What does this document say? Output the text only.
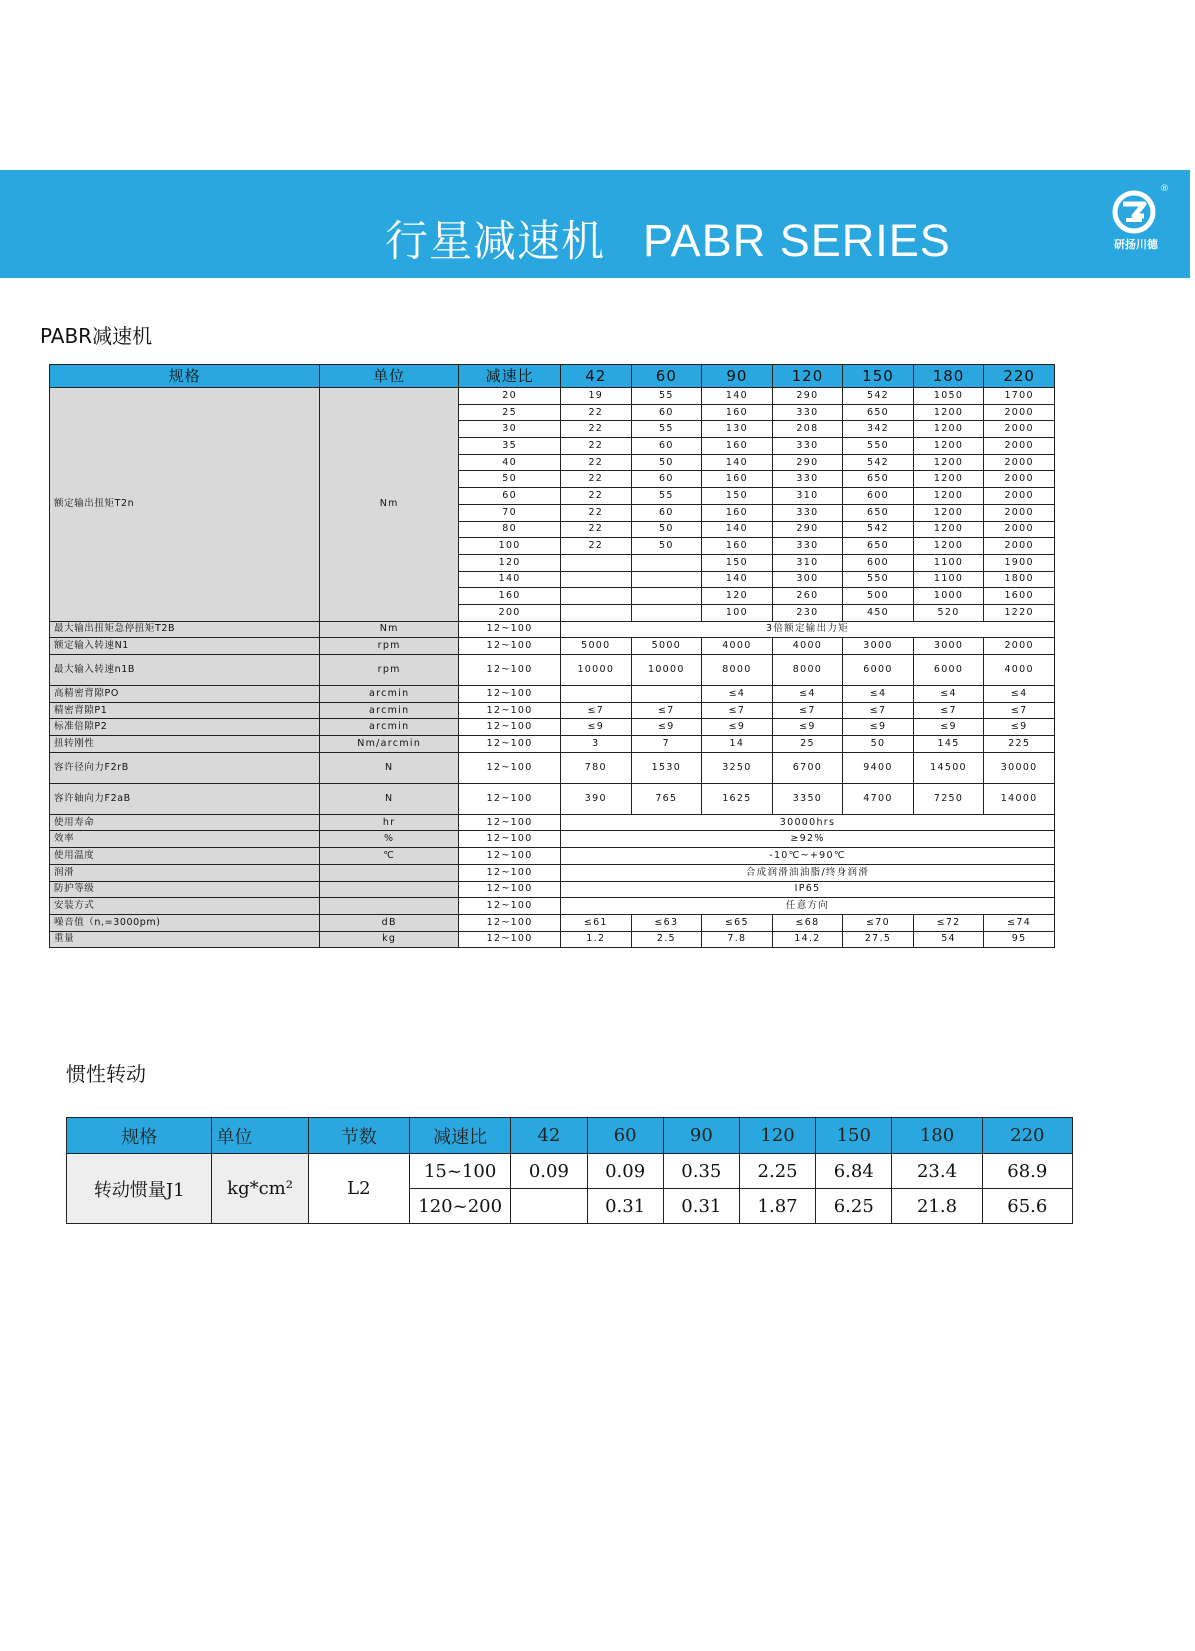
行星减速机 PABR SERIES
®
研扬川德
PABR减速机
规格	单位	减速比	42	60	90	120	150	180	220
额定输出扭矩T2n	Nm	20	19	55	140	290	542	1050	1700
		25	22	60	160	330	650	1200	2000
		30	22	55	130	208	342	1200	2000
		35	22	60	160	330	550	1200	2000
		40	22	50	140	290	542	1200	2000
		50	22	60	160	330	650	1200	2000
		60	22	55	150	310	600	1200	2000
		70	22	60	160	330	650	1200	2000
		80	22	50	140	290	542	1200	2000
		100	22	50	160	330	650	1200	2000
		120			150	310	600	1100	1900
		140			140	300	550	1100	1800
		160			120	260	500	1000	1600
		200			100	230	450	520	1220
最大输出扭矩急停扭矩T2B	Nm	12~100	3倍额定输出力矩						
额定输入转速N1	rpm	12~100	5000	5000	4000	4000	3000	3000	2000
最大输入转速n1B	rpm	12~100	10000	10000	8000	8000	6000	6000	4000
高精密背隙PO	arcmin	12~100			≤4	≤4	≤4	≤4	≤4
精密背隙P1	arcmin	12~100	≤7	≤7	≤7	≤7	≤7	≤7	≤7
标准倍隙P2	arcmin	12~100	≤9	≤9	≤9	≤9	≤9	≤9	≤9
扭转刚性	Nm/arcmin	12~100	3	7	14	25	50	145	225
容许径向力F2rB	N	12~100	780	1530	3250	6700	9400	14500	30000
容许轴向力F2aB	N	12~100	390	765	1625	3350	4700	7250	14000
使用寿命	hr	12~100	30000hrs						
效率	%	12~100	≥92%						
使用温度	℃	12~100	-10℃~+90℃						
润滑		12~100	合成润滑油油脂/终身润滑						
防护等级		12~100	IP65						
安装方式		12~100	任意方向						
噪音值（n,=3000pm)	dB	12~100	≤61	≤63	≤65	≤68	≤70	≤72	≤74
重量	kg	12~100	1.2	2.5	7.8	14.2	27.5	54	95
惯性转动
规格	单位	节数	减速比	42	60	90	120	150	180	220
转动惯量J1	kg*cm²	L2	15~100	0.09	0.09	0.35	2.25	6.84	23.4	68.9
			120~200		0.31	0.31	1.87	6.25	21.8	65.6
